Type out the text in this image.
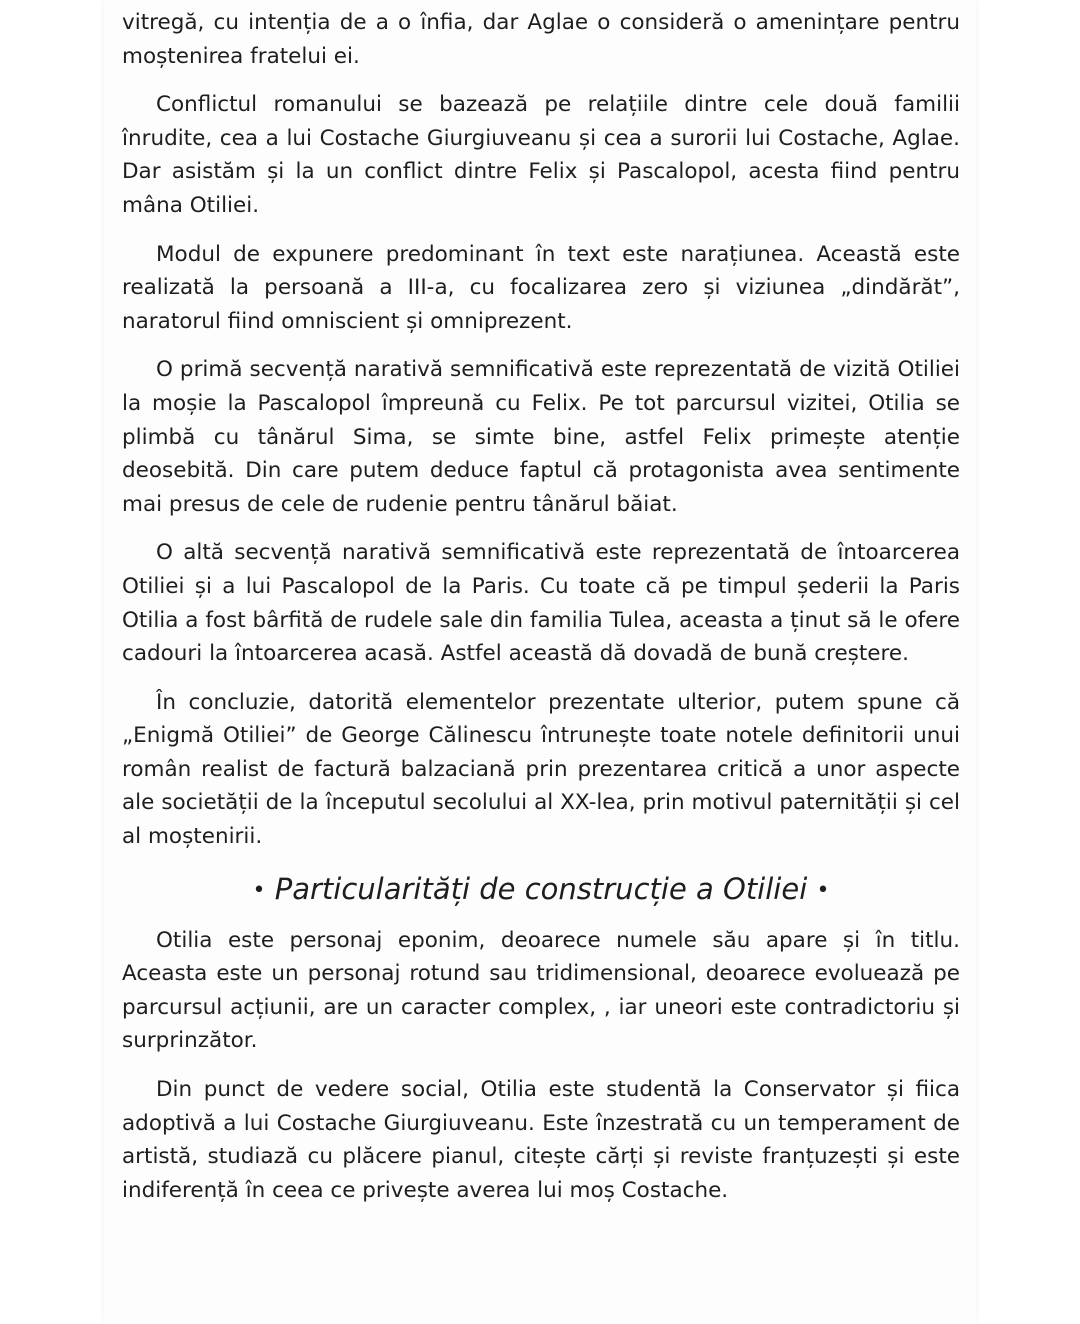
vitregă, cu intenția de a o înfia, dar Aglae o consideră o amenințare pentru moștenirea fratelui ei.

Conflictul romanului se bazează pe relațiile dintre cele două familii înrudite, cea a lui Costache Giurgiuveanu și cea a surorii lui Costache, Aglae. Dar asistăm și la un conflict dintre Felix și Pascalopol, acesta fiind pentru mâna Otiliei.

Modul de expunere predominant în text este narațiunea. Această este realizată la persoană a III-a, cu focalizarea zero și viziunea „dindărăt”, naratorul fiind omniscient și omniprezent.

O primă secvență narativă semnificativă este reprezentată de vizită Otiliei la moșie la Pascalopol împreună cu Felix. Pe tot parcursul vizitei, Otilia se plimbă cu tânărul Sima, se simte bine, astfel Felix primește atenție deosebită. Din care putem deduce faptul că protagonista avea sentimente mai presus de cele de rudenie pentru tânărul băiat.

O altă secvență narativă semnificativă este reprezentată de întoarcerea Otiliei și a lui Pascalopol de la Paris. Cu toate că pe timpul șederii la Paris Otilia a fost bârfită de rudele sale din familia Tulea, aceasta a ținut să le ofere cadouri la întoarcerea acasă. Astfel această dă dovadă de bună creștere.

În concluzie, datorită elementelor prezentate ulterior, putem spune că „Enigmă Otiliei” de George Călinescu întrunește toate notele definitorii unui român realist de factură balzaciană prin prezentarea critică a unor aspecte ale societății de la începutul secolului al XX-lea, prin motivul paternității și cel al moștenirii.

• Particularități de construcție a Otiliei •

Otilia este personaj eponim, deoarece numele său apare și în titlu. Aceasta este un personaj rotund sau tridimensional, deoarece evoluează pe parcursul acțiunii, are un caracter complex, , iar uneori este contradictoriu și surprinzător.

Din punct de vedere social, Otilia este studentă la Conservator și fiica adoptivă a lui Costache Giurgiuveanu. Este înzestrată cu un temperament de artistă, studiază cu plăcere pianul, citește cărți și reviste franțuzești și este indiferență în ceea ce privește averea lui moș Costache.
